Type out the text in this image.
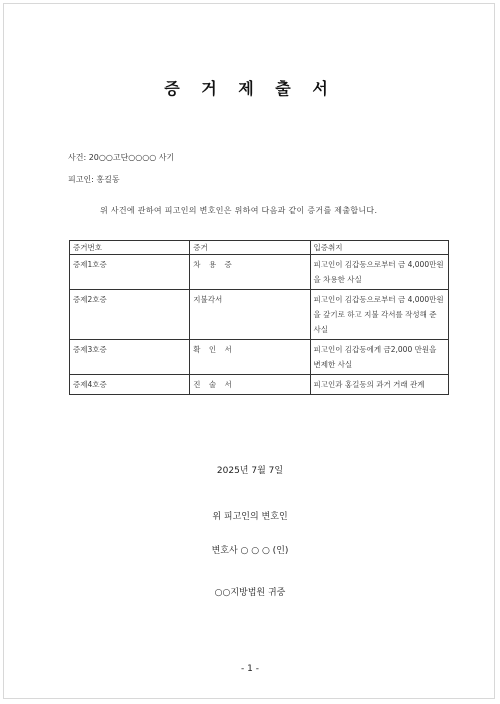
증 거 제 출 서
사건: 20○○고단○○○○ 사기
피고인: 홍길동
위 사건에 관하여 피고인의 변호인은 위하여 다음과 같이 증거를 제출합니다.
증거번호	증거	입증취지
증제1호증	차 용 증	피고인이 김갑동으로부터 금 4,000만원을 차용한 사실
증제2호증	지불각서	피고인이 김갑동으로부터 금 4,000만원을 갚기로 하고 지불 각서를 작성해 준 사실
증제3호증	확 인 서	피고인이 김갑동에게 금2,000 만원을 변제한 사실
증제4호증	진 술 서	피고인과 홍길동의 과거 거래 관계
2025년 7월 7일
위 피고인의 변호인
변호사 ○ ○ ○ (인)
○○지방법원 귀중
- 1 -
